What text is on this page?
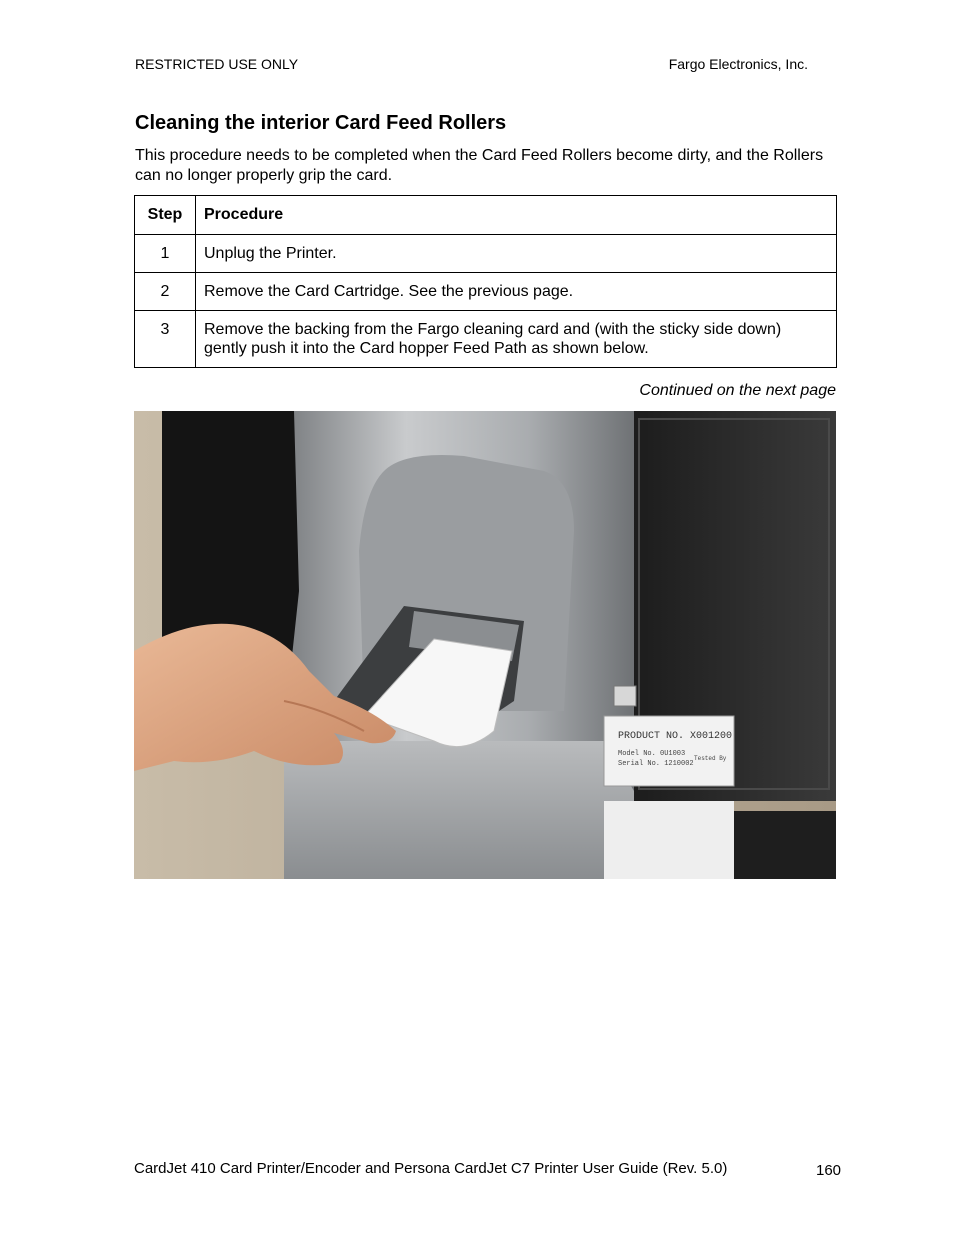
RESTRICTED USE ONLY	Fargo Electronics, Inc.
Cleaning the interior Card Feed Rollers

This procedure needs to be completed when the Card Feed Rollers become dirty, and the Rollers can no longer properly grip the card.

Step	Procedure
1	Unplug the Printer.
2	Remove the Card Cartridge. See the previous page.
3	Remove the backing from the Fargo cleaning card and (with the sticky side down) gently push it into the Card hopper Feed Path as shown below.
Continued on the next page
PRODUCT NO. X001200
Model No. 0U1003
Serial No. 1210002
Tested By
CardJet 410 Card Printer/Encoder and Persona CardJet C7 Printer User Guide (Rev. 5.0)	160
